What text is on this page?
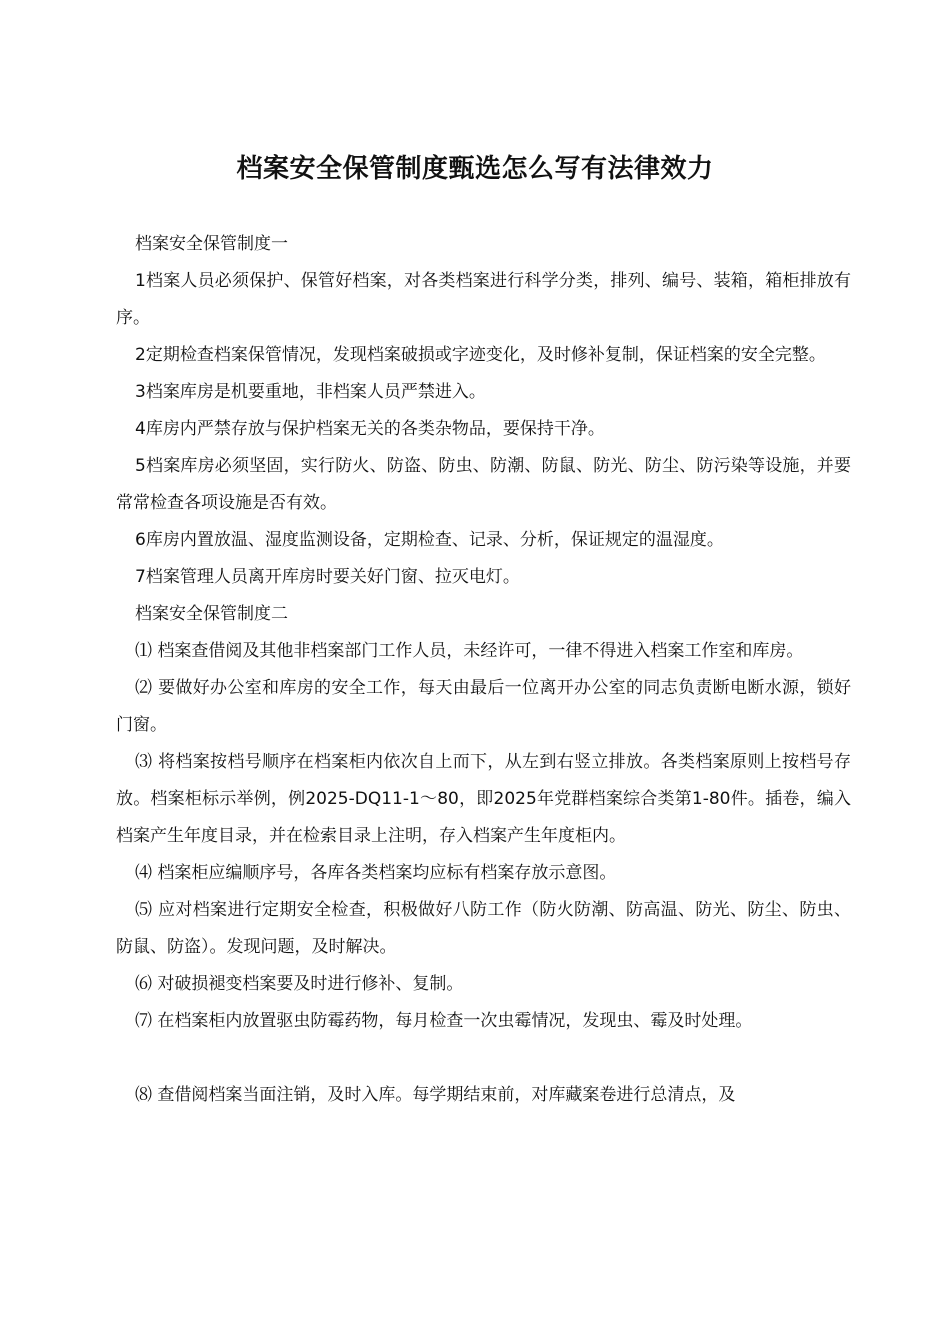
档案安全保管制度甄选怎么写有法律效力

档案安全保管制度一

1档案人员必须保护、保管好档案，对各类档案进行科学分类，排列、编号、装箱，箱柜排放有序。

2定期检查档案保管情况，发现档案破损或字迹变化，及时修补复制，保证档案的安全完整。

3档案库房是机要重地，非档案人员严禁进入。

4库房内严禁存放与保护档案无关的各类杂物品，要保持干净。

5档案库房必须坚固，实行防火、防盗、防虫、防潮、防鼠、防光、防尘、防污染等设施，并要常常检查各项设施是否有效。

6库房内置放温、湿度监测设备，定期检查、记录、分析，保证规定的温湿度。

7档案管理人员离开库房时要关好门窗、拉灭电灯。

档案安全保管制度二

⑴ 档案查借阅及其他非档案部门工作人员，未经许可，一律不得进入档案工作室和库房。

⑵ 要做好办公室和库房的安全工作，每天由最后一位离开办公室的同志负责断电断水源，锁好门窗。

⑶ 将档案按档号顺序在档案柜内依次自上而下，从左到右竖立排放。各类档案原则上按档号存放。档案柜标示举例，例2025-DQ11-1～80，即2025年党群档案综合类第1-80件。插卷，编入档案产生年度目录，并在检索目录上注明，存入档案产生年度柜内。

⑷ 档案柜应编顺序号，各库各类档案均应标有档案存放示意图。

⑸ 应对档案进行定期安全检查，积极做好八防工作（防火防潮、防高温、防光、防尘、防虫、防鼠、防盗）。发现问题，及时解决。

⑹ 对破损褪变档案要及时进行修补、复制。

⑺ 在档案柜内放置驱虫防霉药物，每月检查一次虫霉情况，发现虫、霉及时处理。

⑻ 查借阅档案当面注销，及时入库。每学期结束前，对库藏案卷进行总清点，及
